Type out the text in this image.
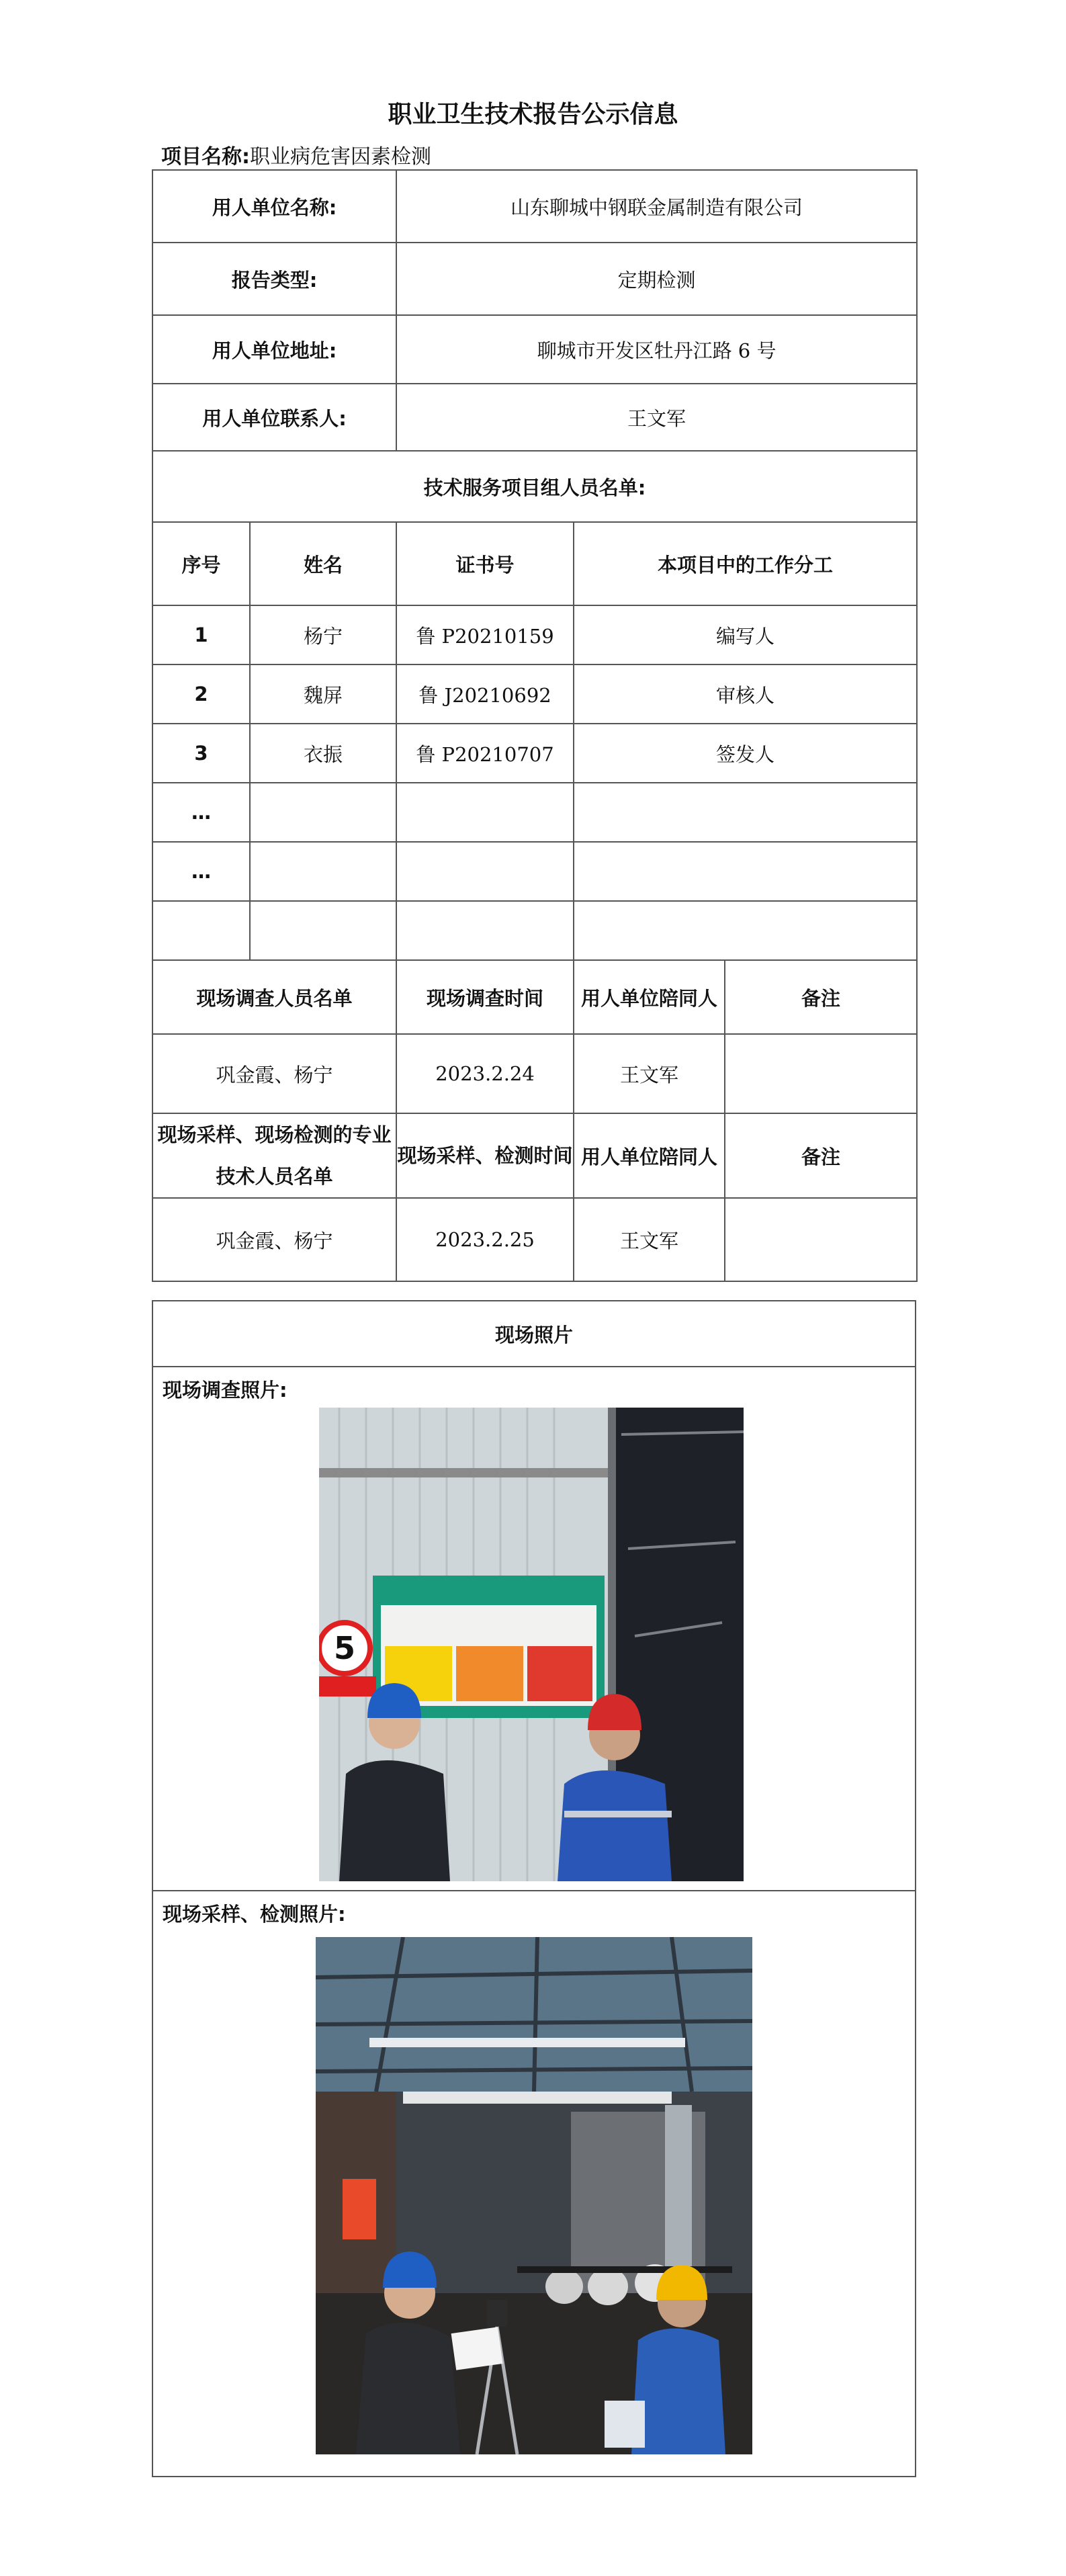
职业卫生技术报告公示信息
项目名称:职业病危害因素检测
用人单位名称:		山东聊城中钢联金属制造有限公司		
报告类型:		定期检测		
用人单位地址:		聊城市开发区牡丹江路 6 号		
用人单位联系人:		王文军		
技术服务项目组人员名单:				
序号	姓名	证书号	本项目中的工作分工	
1	杨宁	鲁 P20210159	编写人	
2	魏屏	鲁 J20210692	审核人	
3	衣振	鲁 P20210707	签发人	
…				
…				

现场调查人员名单		现场调查时间	用人单位陪同人	备注
巩金霞、杨宁		2023.2.24	王文军	
现场采样、现场检测的专业技术人员名单		现场采样、检测时间	用人单位陪同人	备注
巩金霞、杨宁		2023.2.25	王文军	
现场照片

现场调查照片:

现场采样、检测照片:
5
